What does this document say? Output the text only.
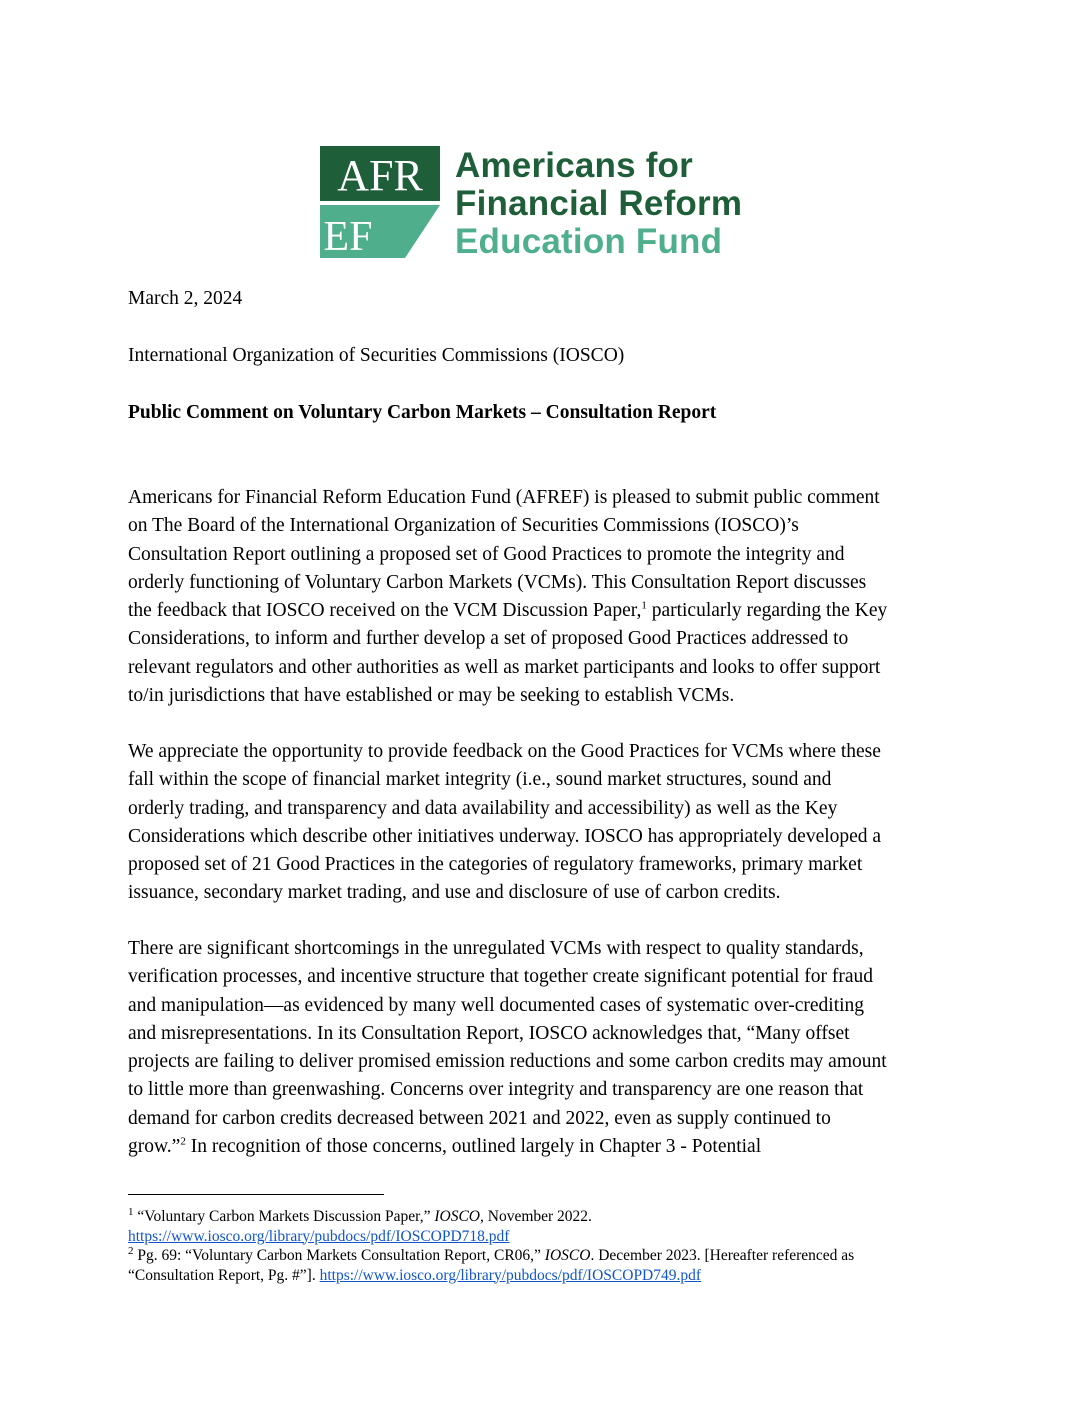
AFR
EF
Americans for
Financial Reform
Education Fund
March 2, 2024
International Organization of Securities Commissions (IOSCO)
Public Comment on Voluntary Carbon Markets – Consultation Report
Americans for Financial Reform Education Fund (AFREF) is pleased to submit public comment
on The Board of the International Organization of Securities Commissions (IOSCO)’s
Consultation Report outlining a proposed set of Good Practices to promote the integrity and
orderly functioning of Voluntary Carbon Markets (VCMs). This Consultation Report discusses
the feedback that IOSCO received on the VCM Discussion Paper,$^1$ particularly regarding the Key
Considerations, to inform and further develop a set of proposed Good Practices addressed to
relevant regulators and other authorities as well as market participants and looks to offer support
to/in jurisdictions that have established or may be seeking to establish VCMs.
We appreciate the opportunity to provide feedback on the Good Practices for VCMs where these
fall within the scope of financial market integrity (i.e., sound market structures, sound and
orderly trading, and transparency and data availability and accessibility) as well as the Key
Considerations which describe other initiatives underway. IOSCO has appropriately developed a
proposed set of 21 Good Practices in the categories of regulatory frameworks, primary market
issuance, secondary market trading, and use and disclosure of use of carbon credits.
There are significant shortcomings in the unregulated VCMs with respect to quality standards,
verification processes, and incentive structure that together create significant potential for fraud
and manipulation—as evidenced by many well documented cases of systematic over-crediting
and misrepresentations. In its Consultation Report, IOSCO acknowledges that, “Many offset
projects are failing to deliver promised emission reductions and some carbon credits may amount
to little more than greenwashing. Concerns over integrity and transparency are one reason that
demand for carbon credits decreased between 2021 and 2022, even as supply continued to
grow.”$^2$ In recognition of those concerns, outlined largely in Chapter 3 - Potential
$^1$ “Voluntary Carbon Markets Discussion Paper,” IOSCO, November 2022.
https://www.iosco.org/library/pubdocs/pdf/IOSCOPD718.pdf
$^2$ Pg. 69: “Voluntary Carbon Markets Consultation Report, CR06,” IOSCO. December 2023. [Hereafter referenced as
“Consultation Report, Pg. #”]. https://www.iosco.org/library/pubdocs/pdf/IOSCOPD749.pdf
